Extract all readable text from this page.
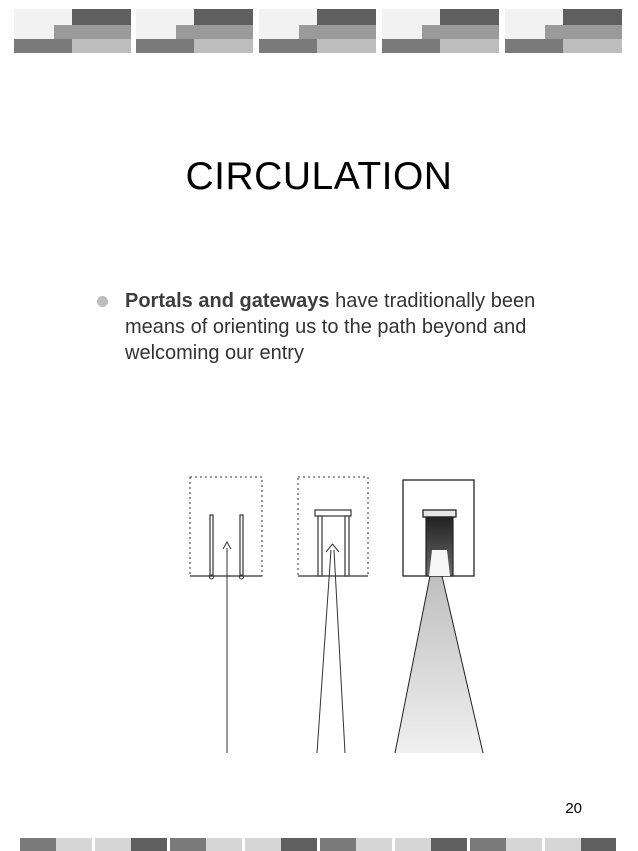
CIRCULATION
Portals and gateways have traditionally been means of orienting us to the path beyond and welcoming our entry
20
